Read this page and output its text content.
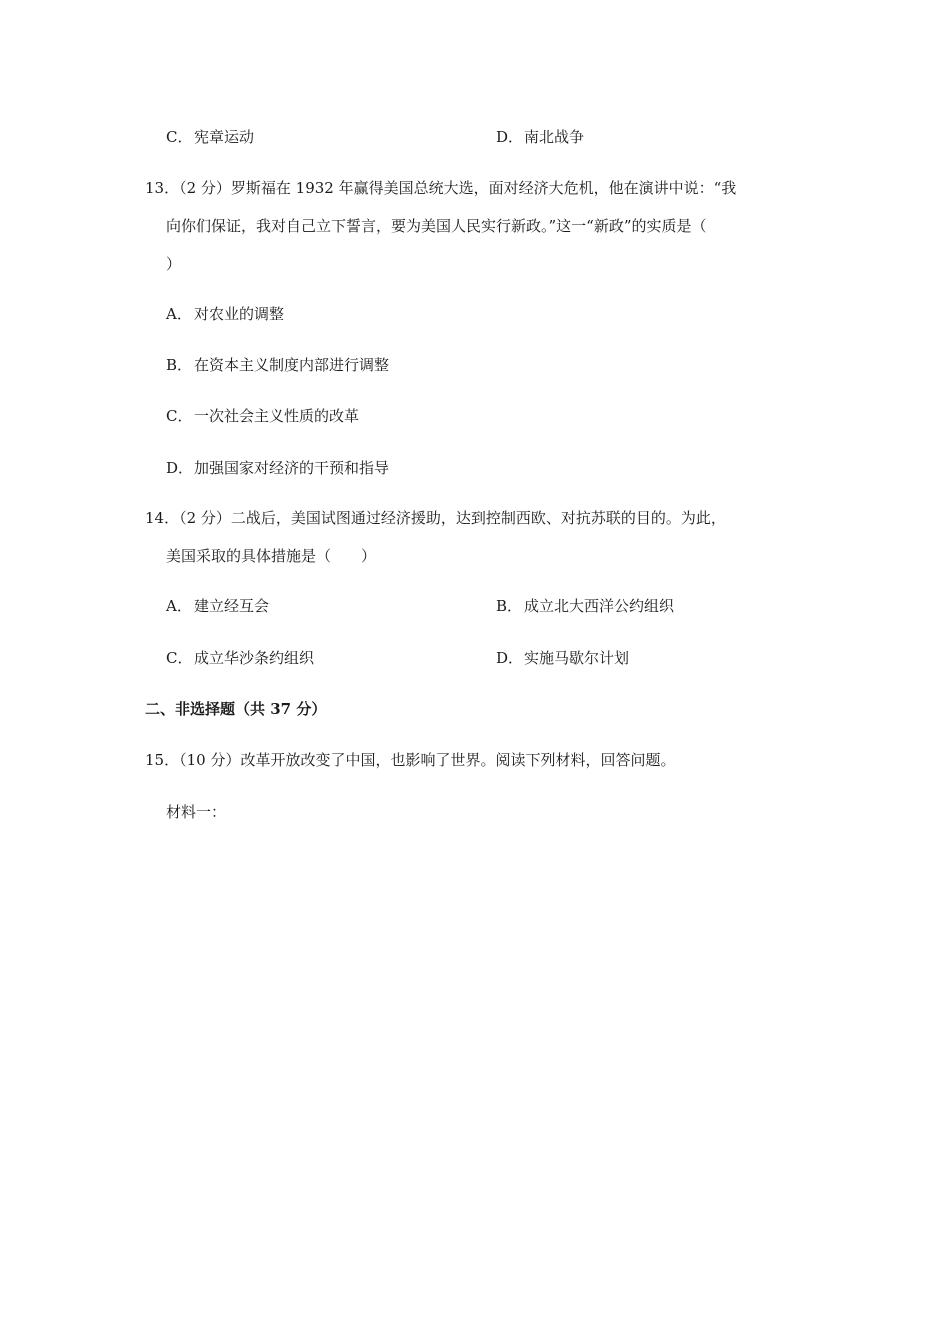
C． 宪章运动	D．南北战争
13．（2 分）罗斯福在 1932 年赢得美国总统大选，面对经济大危机，他在演讲中说：“我
向你们保证，我对自己立下誓言，要为美国人民实行新政。”这一“新政”的实质是（
）
A． 对农业的调整
B． 在资本主义制度内部进行调整
C． 一次社会主义性质的改革
D．加强国家对经济的干预和指导
14．（2 分）二战后，美国试图通过经济援助，达到控制西欧、对抗苏联的目的。为此，
美国采取的具体措施是（　　）
A． 建立经互会	B． 成立北大西洋公约组织
C． 成立华沙条约组织	D．实施马歇尔计划
二、非选择题（共 37 分）
15．（10 分）改革开放改变了中国，也影响了世界。阅读下列材料，回答问题。
材料一：
